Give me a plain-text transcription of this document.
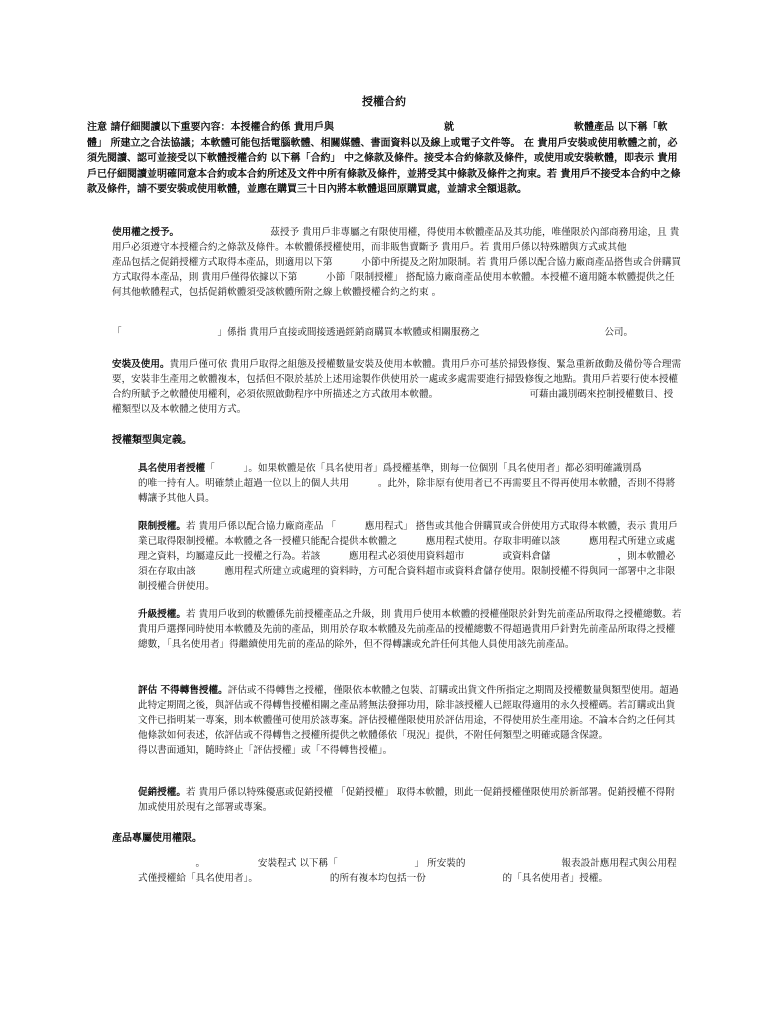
授權合約
注意 請仔細閱讀以下重要內容：本授權合約係 貴用戶與　　　　　　　　　　　就　　　　　　　　　　　　軟體產品 以下稱「軟體」 所建立之合法協議；本軟體可能包括電腦軟體、相關媒體、書面資料以及線上或電子文件等。 在 貴用戶安裝或使用軟體之前，必須先閱讀、認可並接受以下軟體授權合約 以下稱「合約」 中之條款及條件。接受本合約條款及條件，或使用或安裝軟體，即表示 貴用戶已仔細閱讀並明確同意本合約或本合約所述及文件中所有條款及條件，並將受其中條款及條件之拘束。若 貴用戶不接受本合約中之條款及條件，請不要安裝或使用軟體，並應在購買三十日內將本軟體退回原購買處，並請求全額退款。
使用權之授予。　　　　　　　　　　茲授予 貴用戶非專屬之有限使用權，得使用本軟體產品及其功能，唯僅限於內部商務用途，且 貴用戶必須遵守本授權合約之條款及條件。本軟體係授權使用，而非販售賣斷予 貴用戶。若 貴用戶係以特殊贈與方式或其他　　　　　　　　　產品包括之促銷授權方式取得本產品，則適用以下第　　　小節中所提及之附加限制。若 貴用戶係以配合協力廠商產品搭售或合併購買方式取得本產品，則 貴用戶僅得依據以下第　　　小節「限制授權」 搭配協力廠商產品使用本軟體。本授權不適用隨本軟體提供之任何其他軟體程式，包括促銷軟體須受該軟體所附之線上軟體授權合約之約束 。
「　　　　　　　　　　」係指 貴用戶直接或間接透過經銷商購買本軟體或相關服務之　　　　　　　　　　　　　公司。
安裝及使用。貴用戶僅可依 貴用戶取得之組態及授權數量安裝及使用本軟體。貴用戶亦可基於掃毀修復、緊急重新啟動及備份等合理需要，安裝非生產用之軟體複本，包括但不限於基於上述用途製作供使用於一處或多處需要進行掃毀修復之地點。貴用戶若要行使本授權合約所賦予之軟體使用權利，必須依照啟動程序中所描述之方式啟用本軟體。　　　　　　　　　　可藉由識別碼來控制授權數目、授權類型以及本軟體之使用方式。
授權類型與定義。
具名使用者授權「　　　」。如果軟體是依「具名使用者」爲授權基準，則每一位個別「具名使用者」都必須明確識別爲　　　　的唯一持有人。明確禁止超過一位以上的個人共用　　　。此外，除非原有使用者已不再需要且不得再使用本軟體，否則不得將　　　轉讓予其他人員。
限制授權。若 貴用戶係以配合協力廠商產品 「　　　應用程式」 搭售或其他合併購買或合併使用方式取得本軟體，表示 貴用戶業已取得限制授權。本軟體之各一授權只能配合提供本軟體之　　　應用程式使用。存取非明確以該　　　應用程式所建立或處理之資料，均屬違反此一授權之行為。若該　　　應用程式必須使用資料超市　　　　或資料倉儲　　　　　　　，則本軟體必須在存取由該　　　應用程式所建立或處理的資料時，方可配合資料超市或資料倉儲存使用。限制授權不得與同一部署中之非限制授權合併使用。
升級授權。若 貴用戶收到的軟體係先前授權產品之升級，則 貴用戶使用本軟體的授權僅限於針對先前產品所取得之授權總數。若貴用戶選擇同時使用本軟體及先前的產品，則用於存取本軟體及先前產品的授權總數不得超過貴用戶針對先前產品所取得之授權總數，「具名使用者」得繼續使用先前的產品的除外，但不得轉讓或允許任何其他人員使用該先前產品。
評估 不得轉售授權。評估或不得轉售之授權，僅限依本軟體之包裝、訂購或出貨文件所指定之期間及授權數量與類型使用。超過此特定期間之後，與評估或不得轉售授權相關之產品將無法發揮功用，除非該授權人已經取得適用的永久授權碼。若訂購或出貨文件已指明某一專案，則本軟體僅可使用於該專案。評估授權僅限使用於評估用途，不得使用於生產用途。不論本合約之任何其他條款如何表述，依評估或不得轉售之授權所提供之軟體係依「現況」提供，不附任何類型之明確或隱含保證。　　　　　　　　　　得以書面通知，隨時終止「評估授權」或「不得轉售授權」。
促銷授權。若 貴用戶係以特殊優惠或促銷授權 「促銷授權」 取得本軟體，則此一促銷授權僅限使用於新部署。促銷授權不得附加或使用於現有之部署或專案。
產品專屬使用權限。
　　　　　　。　　　　　　安裝程式 以下稱「　　　　　　　　」 所安裝的　　　　　　　　　　報表設計應用程式與公用程式僅授權給「具名使用者」。　　　　　　　　的所有複本均包括一份　　　　　　　　的「具名使用者」授權。
